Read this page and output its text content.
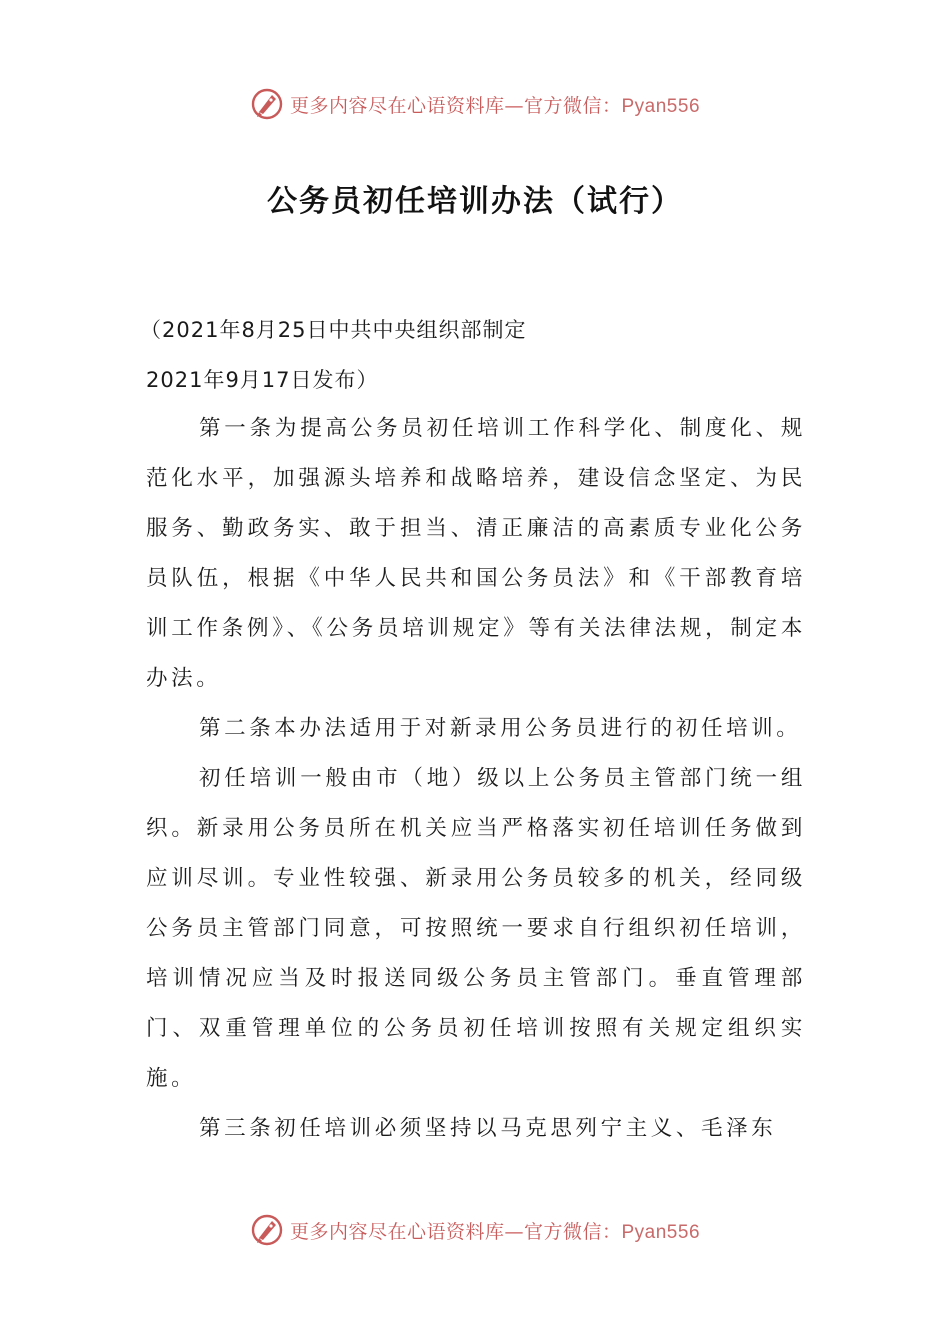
更多内容尽在心语资料库—官方微信：Pyan556
公务员初任培训办法（试行）
（2021年8月25日中共中央组织部制定
2021年9月17日发布）

第一条为提高公务员初任培训工作科学化、制度化、规范化水平，加强源头培养和战略培养，建设信念坚定、为民服务、勤政务实、敢于担当、清正廉洁的高素质专业化公务员队伍，根据《中华人民共和国公务员法》和《干部教育培训工作条例》、《公务员培训规定》等有关法律法规，制定本办法。

第二条本办法适用于对新录用公务员进行的初任培训。

初任培训一般由市（地）级以上公务员主管部门统一组织。新录用公务员所在机关应当严格落实初任培训任务做到应训尽训。专业性较强、新录用公务员较多的机关，经同级公务员主管部门同意，可按照统一要求自行组织初任培训，培训情况应当及时报送同级公务员主管部门。垂直管理部门、双重管理单位的公务员初任培训按照有关规定组织实施。

第三条初任培训必须坚持以马克思列宁主义、毛泽东

更多内容尽在心语资料库—官方微信：Pyan556
